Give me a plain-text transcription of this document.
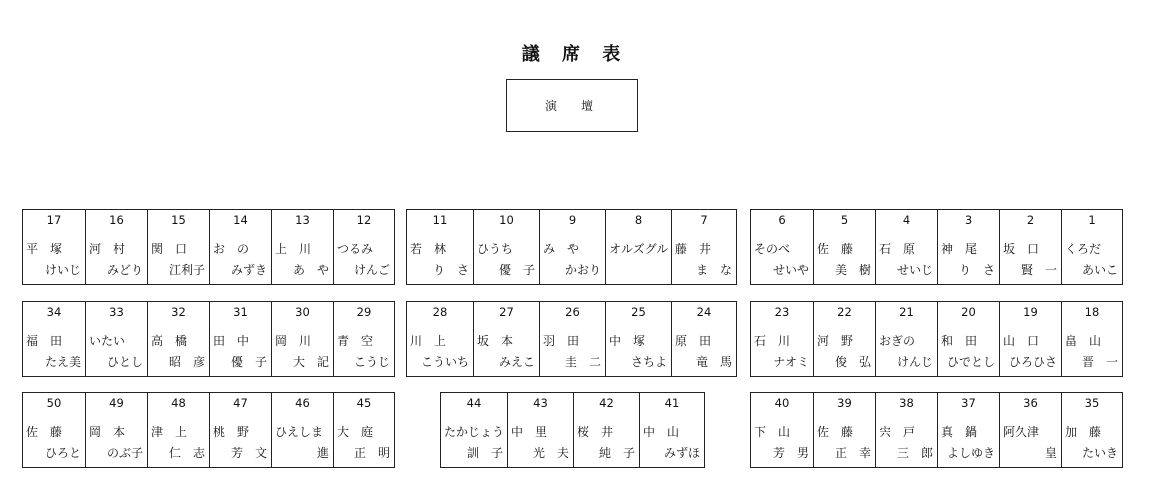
議 席 表
演　壇
17
平　塚
けいじ
16
河　村
みどり
15
関　口
江利子
14
お　の
みずき
13
上　川
あ　や
12
つるみ
けんご
11
若　林
り　さ
10
ひうち
優　子
9
み　や
かおり
8
オルズグル
7
藤　井
ま　な
6
そのべ
せいや
5
佐　藤
美　樹
4
石　原
せいじ
3
神　尾
り　さ
2
坂　口
賢　一
1
くろだ
あいこ
34
福　田
たえ美
33
いたい
ひとし
32
高　橋
昭　彦
31
田　中
優　子
30
岡　川
大　記
29
青　空
こうじ
28
川　上
こういち
27
坂　本
みえこ
26
羽　田
圭　二
25
中　塚
さちよ
24
原　田
竜　馬
23
石　川
ナオミ
22
河　野
俊　弘
21
おぎの
けんじ
20
和　田
ひでとし
19
山　口
ひろひさ
18
畠　山
晋　一
50
佐　藤
ひろと
49
岡　本
のぶ子
48
津　上
仁　志
47
桃　野
芳　文
46
ひえしま
進
45
大　庭
正　明
44
たかじょう
訓　子
43
中　里
光　夫
42
桜　井
純　子
41
中　山
みずほ
40
下　山
芳　男
39
佐　藤
正　幸
38
宍　戸
三　郎
37
真　鍋
よしゆき
36
阿久津
皇
35
加　藤
たいき
